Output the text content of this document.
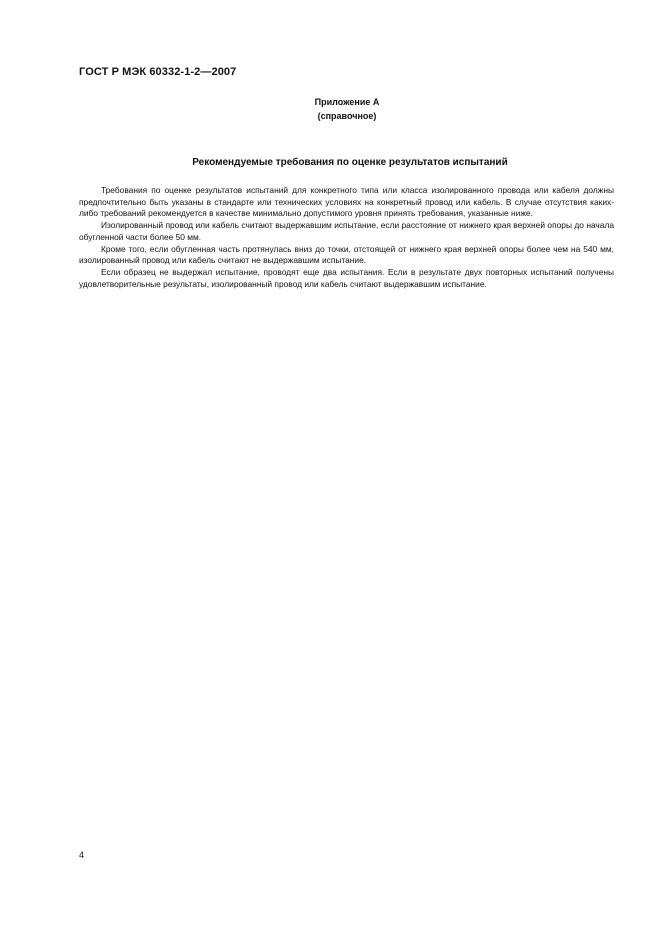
ГОСТ Р МЭК 60332-1-2—2007
Приложение А
(справочное)
Рекомендуемые требования по оценке результатов испытаний

Требования по оценке результатов испытаний для конкретного типа или класса изолированного провода или кабеля должны предпочтительно быть указаны в стандарте или технических условиях на конкретный провод или кабель. В случае отсутствия каких-либо требований рекомендуется в качестве минимально допустимого уровня принять требования, указанные ниже.

Изолированный провод или кабель считают выдержавшим испытание, если расстояние от нижнего края верхней опоры до начала обугленной части более 50 мм.

Кроме того, если обугленная часть протянулась вниз до точки, отстоящей от нижнего края верхней опоры более чем на 540 мм, изолированный провод или кабель считают не выдержавшим испытание.

Если образец не выдержал испытание, проводят еще два испытания. Если в результате двух повторных испытаний получены удовлетворительные результаты, изолированный провод или кабель считают выдержавшим испытание.

4
